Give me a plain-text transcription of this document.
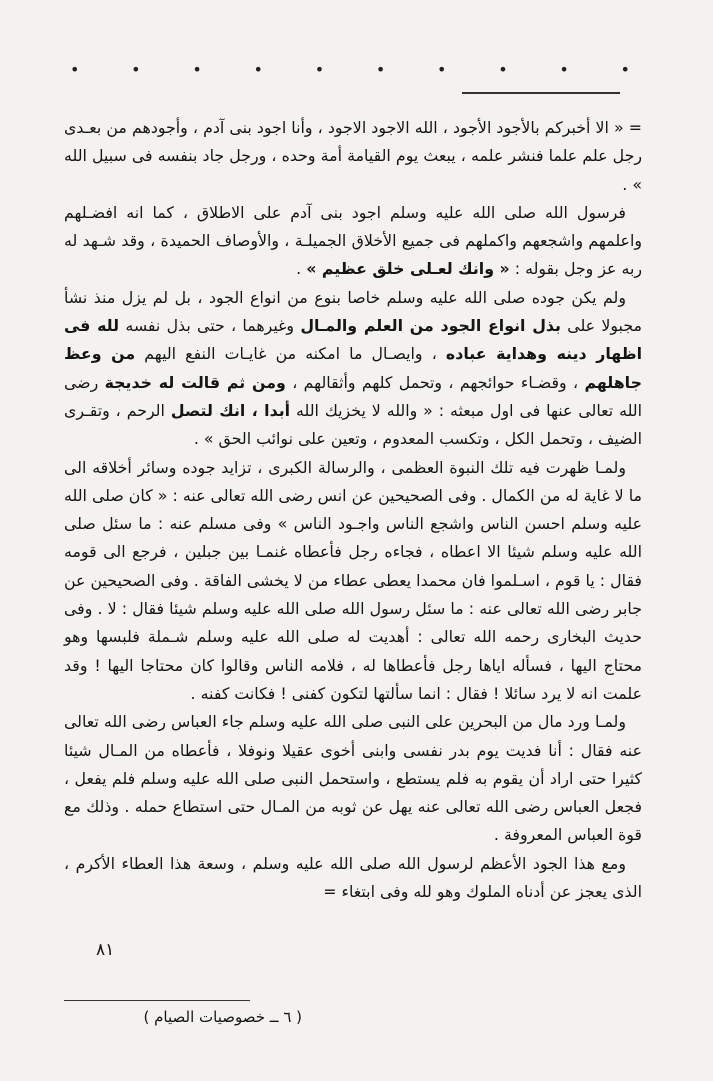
•	•	•	•	•	•	•	•	•	•

= « الا أخبركم بالأجود الأجود ، الله الاجود الاجود ، وأنا اجود بنى آدم ، وأجودهم من بعـدى رجل علم علما فنشر علمه ، يبعث يوم القيامة أمة وحده ، ورجل جاد بنفسه فى سبيل الله » .

فرسول الله صلى الله عليه وسلم اجود بنى آدم على الاطلاق ، كما انه افضـلهم واعلمهم واشجعهم واكملهم فى جميع الأخلاق الجميلـة ، والأوصاف الحميدة ، وقد شـهد له ربه عز وجل بقوله : « وانك لعـلى خلق عظيم » .

ولم يكن جوده صلى الله عليه وسلم خاصا بنوع من انواع الجود ، بل لم يزل منذ نشأ مجبولا على بذل انواع الجود من العلم والمـال وغيرهما ، حتى بذل نفسه لله فى اظهار دينه وهداية عباده ، وايصـال ما امكنه من غايـات النفع اليهم من وعظ جاهلهم ، وقضـاء حوائجهم ، وتحمل كلهم وأثقالهم ، ومن ثم قالت له خديجة رضى الله تعالى عنها فى اول مبعثه : « والله لا يخزيك الله أبدا ، انك لتصل الرحم ، وتقـرى الضيف ، وتحمل الكل ، وتكسب المعدوم ، وتعين على نوائب الحق » .

ولمـا ظهرت فيه تلك النبوة العظمى ، والرسالة الكبرى ، تزايد جوده وسائر أخلاقه الى ما لا غاية له من الكمال . وفى الصحيحين عن انس رضى الله تعالى عنه : « كان صلى الله عليه وسلم احسن الناس واشجع الناس واجـود الناس » وفى مسلم عنه : ما سئل صلى الله عليه وسلم شيئا الا اعطاه ، فجاءه رجل فأعطاه غنمـا بين جبلين ، فرجع الى قومه فقال : يا قوم ، اسـلموا فان محمدا يعطى عطاء من لا يخشى الفاقة . وفى الصحيحين عن جابر رضى الله تعالى عنه : ما سئل رسول الله صلى الله عليه وسلم شيئا فقال : لا . وفى حديث البخارى رحمه الله تعالى : أهديت له صلى الله عليه وسلم شـملة فلبسها وهو محتاج اليها ، فسأله اياها رجل فأعطاها له ، فلامه الناس وقالوا كان محتاجا اليها ! وقد علمت انه لا يرد سائلا ! فقال : انما سألتها لتكون كفنى ! فكانت كفنه .

ولمـا ورد مال من البحرين على النبى صلى الله عليه وسلم جاء العباس رضى الله تعالى عنه فقال : أنا فديت يوم بدر نفسى وابنى أخوى عقيلا ونوفلا ، فأعطاه من المـال شيئا كثيرا حتى اراد أن يقوم به فلم يستطع ، واستحمل النبى صلى الله عليه وسلم فلم يفعل ، فجعل العباس رضى الله تعالى عنه يهل عن ثوبه من المـال حتى استطاع حمله . وذلك مع قوة العباس المعروفة .

ومع هذا الجود الأعظم لرسول الله صلى الله عليه وسلم ، وسعة هذا العطاء الأكرم ، الذى يعجز عن أدناه الملوك وهو لله وفى ابتغاء =

٨١
( ٦ ــ خصوصيات الصيام )
